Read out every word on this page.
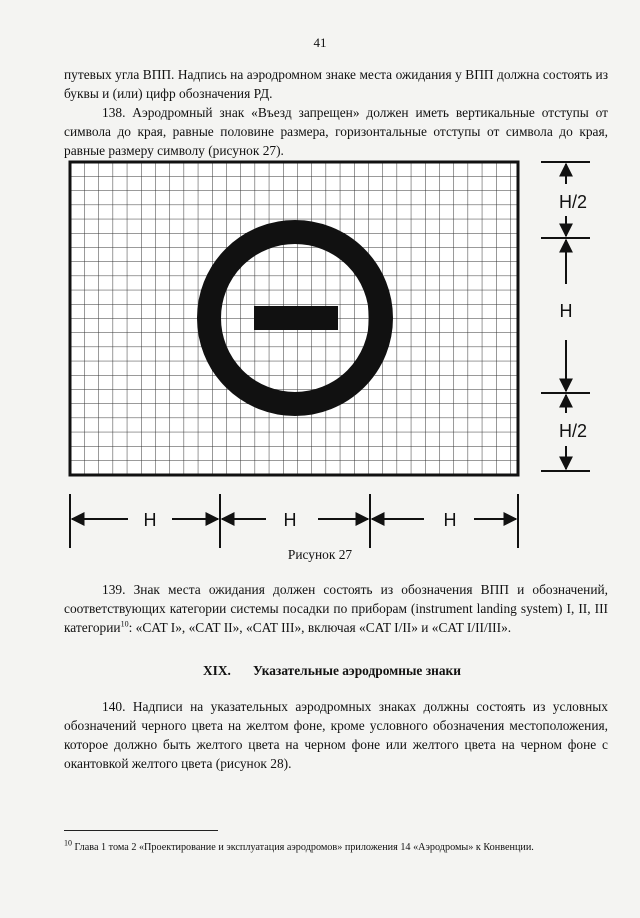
41

путевых угла ВПП. Надпись на аэродромном знаке места ожидания у ВПП должна состоять из буквы и (или) цифр обозначения РД.

138. Аэродромный знак «Въезд запрещен» должен иметь вертикальные отступы от символа до края, равные половине размера, горизонтальные отступы от символа до края, равные размеру символу (рисунок 27).

H/2
H
H/2
H	H	H
Рисунок 27

139. Знак места ожидания должен состоять из обозначения ВПП и обозначений, соответствующих категории системы посадки по приборам (instrument landing system) I, II, III категории$^{10}$: «CAT I», «CAT II», «CAT III», включая «CAT I/II» и «CAT I/II/III».

XIX. Указательные аэродромные знаки

140. Надписи на указательных аэродромных знаках должны состоять из условных обозначений черного цвета на желтом фоне, кроме условного обозначения местоположения, которое должно быть желтого цвета на черном фоне или желтого цвета на черном фоне с окантовкой желтого цвета (рисунок 28).

$^{10}$ Глава 1 тома 2 «Проектирование и эксплуатация аэродромов» приложения 14 «Аэродромы» к Конвенции.
